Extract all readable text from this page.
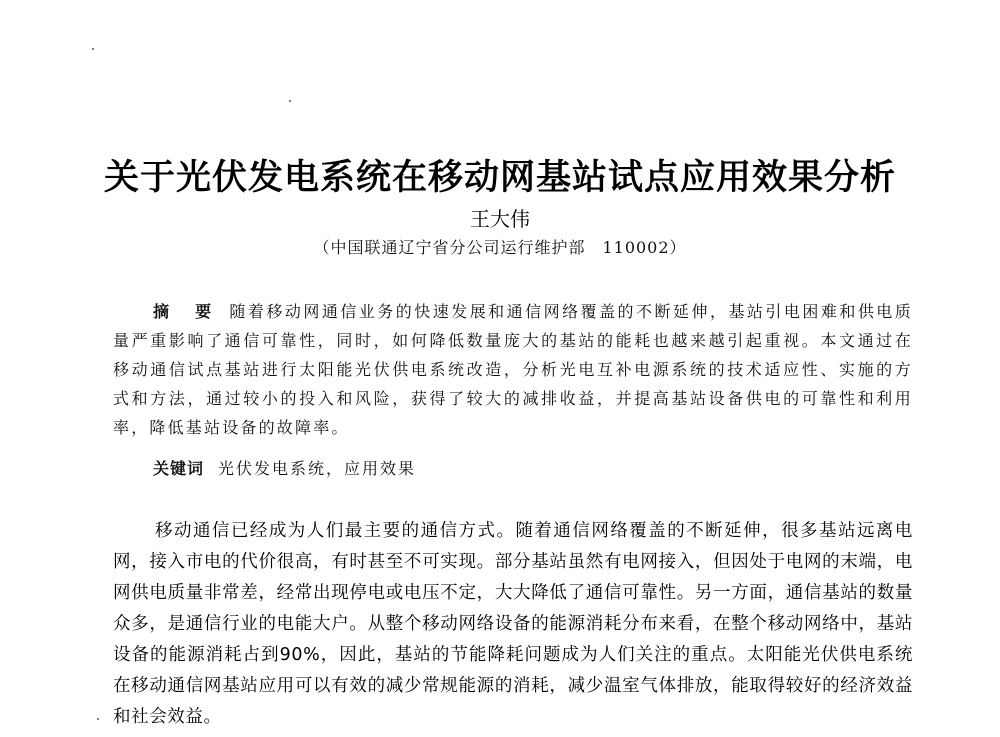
关于光伏发电系统在移动网基站试点应用效果分析
王大伟
（中国联通辽宁省分公司运行维护部　110002）

摘 要 随着移动网通信业务的快速发展和通信网络覆盖的不断延伸，基站引电困难和供电质量严重影响了通信可靠性，同时，如何降低数量庞大的基站的能耗也越来越引起重视。本文通过在移动通信试点基站进行太阳能光伏供电系统改造，分析光电互补电源系统的技术适应性、实施的方式和方法，通过较小的投入和风险，获得了较大的减排收益，并提高基站设备供电的可靠性和利用率，降低基站设备的故障率。

关键词 光伏发电系统，应用效果

移动通信已经成为人们最主要的通信方式。随着通信网络覆盖的不断延伸，很多基站远离电网，接入市电的代价很高，有时甚至不可实现。部分基站虽然有电网接入，但因处于电网的末端，电网供电质量非常差，经常出现停电或电压不定，大大降低了通信可靠性。另一方面，通信基站的数量众多，是通信行业的电能大户。从整个移动网络设备的能源消耗分布来看，在整个移动网络中，基站设备的能源消耗占到90%，因此，基站的节能降耗问题成为人们关注的重点。太阳能光伏供电系统在移动通信网基站应用可以有效的减少常规能源的消耗，减少温室气体排放，能取得较好的经济效益和社会效益。
